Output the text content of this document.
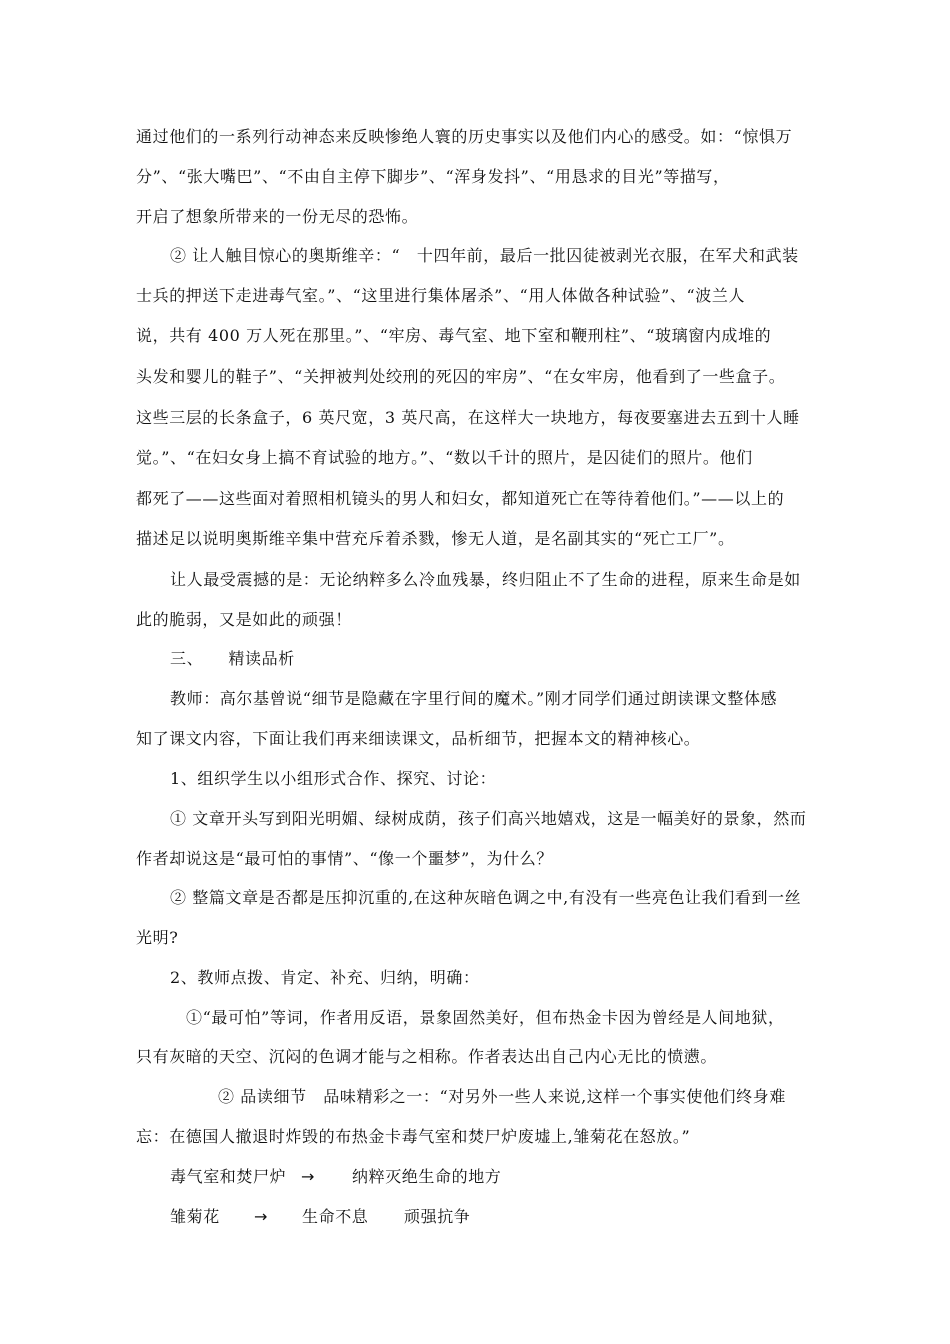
通过他们的一系列行动神态来反映惨绝人寰的历史事实以及他们内心的感受。如：“惊惧万
分”、“张大嘴巴”、“不由自主停下脚步”、“浑身发抖”、“用恳求的目光”等描写，
开启了想象所带来的一份无尽的恐怖。
② 让人触目惊心的奥斯维辛：“　十四年前，最后一批囚徒被剥光衣服，在军犬和武装
士兵的押送下走进毒气室。”、“这里进行集体屠杀”、“用人体做各种试验”、“波兰人
说，共有 400 万人死在那里。”、“牢房、毒气室、地下室和鞭刑柱”、“玻璃窗内成堆的
头发和婴儿的鞋子”、“关押被判处绞刑的死囚的牢房”、“在女牢房，他看到了一些盒子。
这些三层的长条盒子，6 英尺宽，3 英尺高，在这样大一块地方，每夜要塞进去五到十人睡
觉。”、“在妇女身上搞不育试验的地方。”、“数以千计的照片，是囚徒们的照片。他们
都死了——这些面对着照相机镜头的男人和妇女，都知道死亡在等待着他们。”——以上的
描述足以说明奥斯维辛集中营充斥着杀戮，惨无人道，是名副其实的“死亡工厂”。
让人最受震撼的是：无论纳粹多么冷血残暴，终归阻止不了生命的进程，原来生命是如
此的脆弱，又是如此的顽强！
三、　　精读品析
教师：高尔基曾说“细节是隐藏在字里行间的魔术。”刚才同学们通过朗读课文整体感
知了课文内容，下面让我们再来细读课文，品析细节，把握本文的精神核心。
1、组织学生以小组形式合作、探究、讨论：
① 文章开头写到阳光明媚、绿树成荫，孩子们高兴地嬉戏，这是一幅美好的景象，然而
作者却说这是“最可怕的事情”、“像一个噩梦”，为什么？
② 整篇文章是否都是压抑沉重的,在这种灰暗色调之中,有没有一些亮色让我们看到一丝
光明?
2、教师点拨、肯定、补充、归纳，明确：
①“最可怕”等词，作者用反语，景象固然美好，但布热金卡因为曾经是人间地狱，
只有灰暗的天空、沉闷的色调才能与之相称。作者表达出自己内心无比的愤懑。
② 品读细节　品味精彩之一：“对另外一些人来说,这样一个事实使他们终身难
忘：在德国人撤退时炸毁的布热金卡毒气室和焚尸炉废墟上,雏菊花在怒放。”
毒气室和焚尸炉 → 纳粹灭绝生命的地方
雏菊花 → 生命不息 顽强抗争
